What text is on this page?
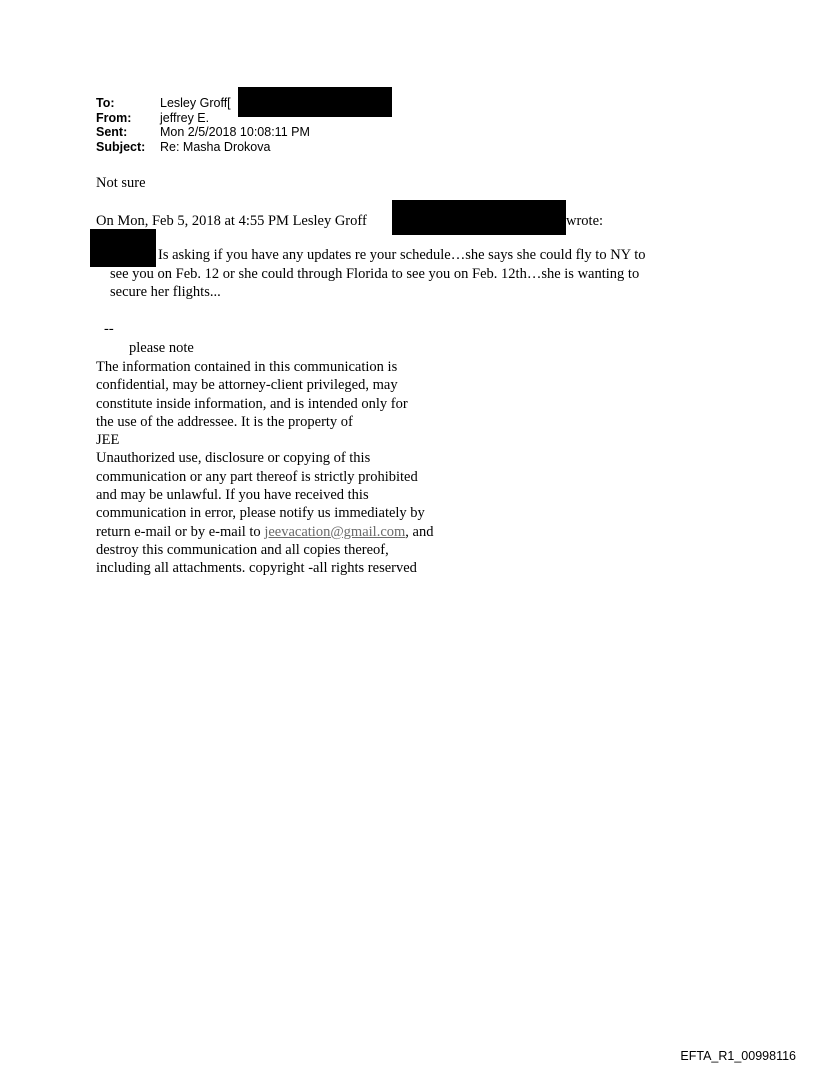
To:	Lesley Groff[
From:	jeffrey E.
Sent:	Mon 2/5/2018 10:08:11 PM
Subject:	Re: Masha Drokova
Not sure
On Mon, Feb 5, 2018 at 4:55 PM Lesley Groff	wrote:
Is asking if you have any updates re your schedule…she says she could fly to NY to
see you on Feb. 12 or she could through Florida to see you on Feb. 12th…she is wanting to
secure her flights...
--
please note
The information contained in this communication is
confidential, may be attorney-client privileged, may
constitute inside information, and is intended only for
the use of the addressee. It is the property of
JEE
Unauthorized use, disclosure or copying of this
communication or any part thereof is strictly prohibited
and may be unlawful. If you have received this
communication in error, please notify us immediately by
return e-mail or by e-mail to jeevacation@gmail.com, and
destroy this communication and all copies thereof,
including all attachments. copyright -all rights reserved
EFTA_R1_00998116
